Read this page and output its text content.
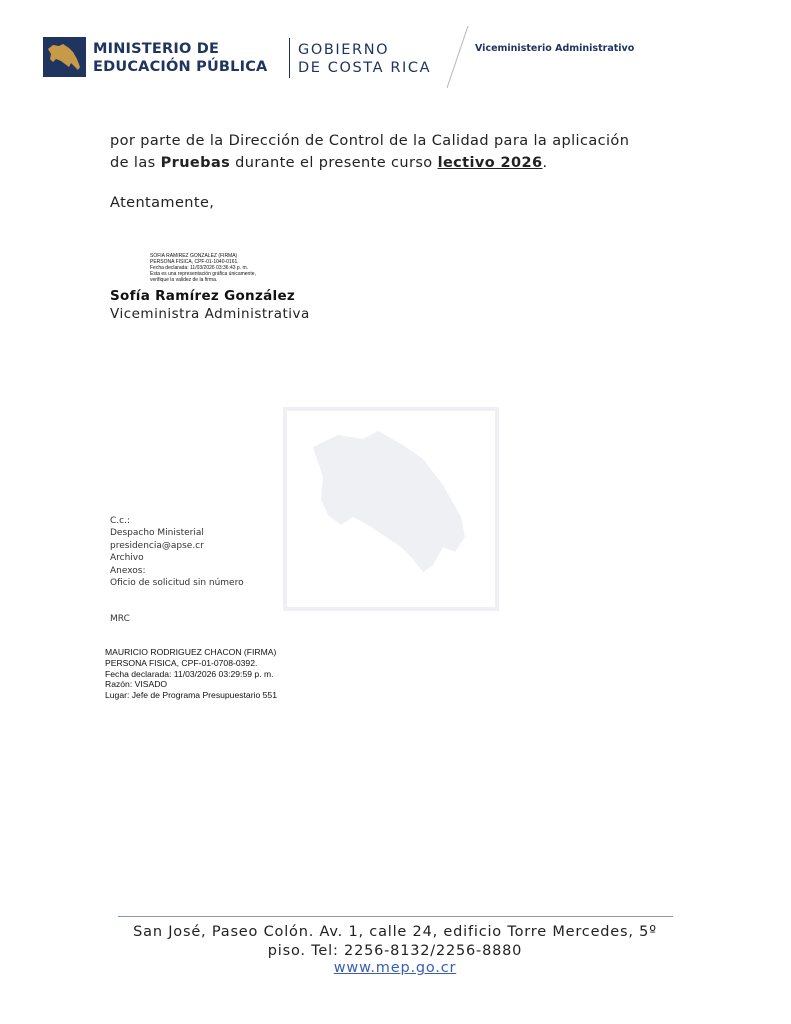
MINISTERIO DE
EDUCACIÓN PÚBLICA
GOBIERNO
DE COSTA RICA
Viceministerio Administrativo
por parte de la Dirección de Control de la Calidad para la aplicación
de las Pruebas durante el presente curso lectivo 2026.
Atentamente,
SOFIA RAMIREZ GONZALEZ (FIRMA)
PERSONA FISICA, CPF-01-1040-0161.
Fecha declarada: 11/03/2026 03:36:43 p. m.
Esta es una representación gráfica únicamente,
verifique la validez de la firma.
Sofía Ramírez González
Viceministra Administrativa
C.c.:
Despacho Ministerial
presidencia@apse.cr
Archivo
Anexos:
Oficio de solicitud sin número
MRC
MAURICIO RODRIGUEZ CHACON (FIRMA)
PERSONA FISICA, CPF-01-0708-0392.
Fecha declarada: 11/03/2026 03:29:59 p. m.
Razón: VISADO
Lugar: Jefe de Programa Presupuestario 551
San José, Paseo Colón. Av. 1, calle 24, edificio Torre Mercedes, 5º
piso. Tel: 2256-8132/2256-8880
www.mep.go.cr
